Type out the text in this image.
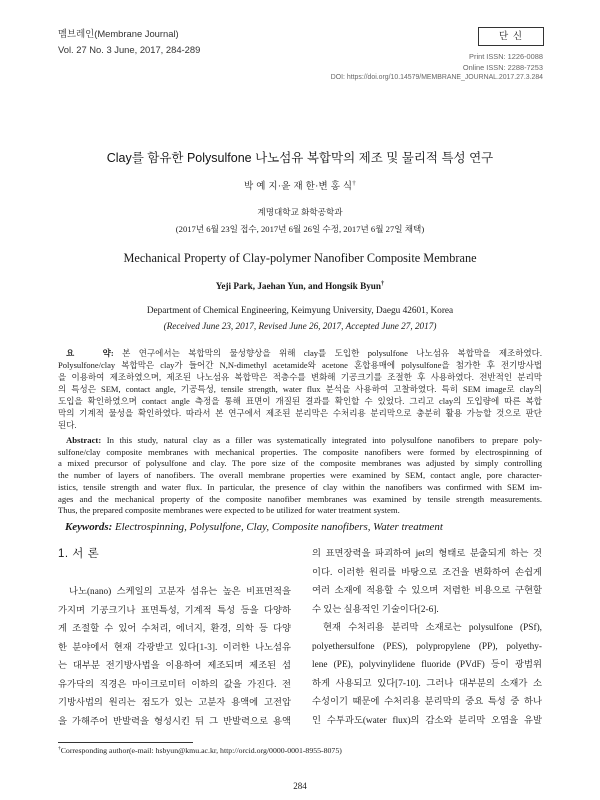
멤브레인(Membrane Journal)
Vol. 27 No. 3 June, 2017, 284-289
단 신
Print ISSN: 1226-0088
Online ISSN: 2288-7253
DOI: https://doi.org/10.14579/MEMBRANE_JOURNAL.2017.27.3.284
Clay를 함유한 Polysulfone 나노섬유 복합막의 제조 및 물리적 특성 연구
박 예 지·윤 재 한·변 홍 식†
계명대학교 화학공학과
(2017년 6월 23일 접수, 2017년 6월 26일 수정, 2017년 6월 27일 채택)
Mechanical Property of Clay-polymer Nanofiber Composite Membrane
Yeji Park, Jaehan Yun, and Hongsik Byun†
Department of Chemical Engineering, Keimyung University, Daegu 42601, Korea
(Received June 23, 2017, Revised June 26, 2017, Accepted June 27, 2017)
요 약: 본 연구에서는 복합막의 물성향상을 위해 clay를 도입한 polysulfone 나노섬유 복합막을 제조하였다.
Polysulfone/clay 복합막은 clay가 들어간 N,N-dimethyl acetamide와 acetone 혼합용매에 polysulfone을 첨가한 후 전기방사법
을 이용하여 제조하였으며, 제조된 나노섬유 복합막은 적층수를 변화해 기공크기를 조절한 후 사용하였다. 전반적인 분리막
의 특성은 SEM, contact angle, 기공특성, tensile strength, water flux 분석을 사용하여 고찰하였다. 특히 SEM image로 clay의
도입을 확인하였으며 contact angle 측정을 통해 표면이 개질된 결과를 확인할 수 있었다. 그리고 clay의 도입량에 따른 복합
막의 기계적 물성을 확인하였다. 따라서 본 연구에서 제조된 분리막은 수처리용 분리막으로 충분히 활용 가능할 것으로 판단
된다.
Abstract: In this study, natural clay as a filler was systematically integrated into polysulfone nanofibers to prepare poly-
sulfone/clay composite membranes with mechanical properties. The composite nanofibers were formed by electrospinning of
a mixed precursor of polysulfone and clay. The pore size of the composite membranes was adjusted by simply controlling
the number of layers of nanofibers. The overall membrane properties were examined by SEM, contact angle, pore character-
istics, tensile strength and water flux. In particular, the presence of clay within the nanofibers was confirmed with SEM im-
ages and the mechanical property of the composite nanofiber membranes was examined by tensile strength measurements.
Thus, the prepared composite membranes were expected to be utilized for water treatment system.
Keywords: Electrospinning, Polysulfone, Clay, Composite nanofibers, Water treatment
1. 서 론
나노(nano) 스케일의 고분자 섬유는 높은 비표면적을
가지며 기공크기나 표면특성, 기계적 특성 등을 다양하
게 조절할 수 있어 수처리, 에너지, 환경, 의학 등 다양
한 분야에서 현재 각광받고 있다[1-3]. 이러한 나노섬유
는 대부분 전기방사법을 이용하여 제조되며 제조된 섬
유가닥의 직경은 마이크로미터 이하의 값을 가진다. 전
기방사법의 원리는 점도가 있는 고분자 용액에 고전압
을 가해주어 반발력을 형성시킨 뒤 그 반발력으로 용액
의 표면장력을 파괴하여 jet의 형태로 분출되게 하는 것
이다. 이러한 원리를 바탕으로 조건을 변화하여 손쉽게
여러 소재에 적용할 수 있으며 저렴한 비용으로 구현할
수 있는 실용적인 기술이다[2-6].
현재 수처리용 분리막 소재로는 polysulfone (PSf),
polyethersulfone (PES), polypropylene (PP), polyethy-
lene (PE), polyvinylidene fluoride (PVdF) 등이 광범위
하게 사용되고 있다[7-10]. 그러나 대부분의 소재가 소
수성이기 때문에 수처리용 분리막의 중요 특성 중 하나
인 수투과도(water flux)의 감소와 분리막 오염을 유발
†Corresponding author(e-mail: hsbyun@kmu.ac.kr, http://orcid.org/0000-0001-8955-8075)
284
